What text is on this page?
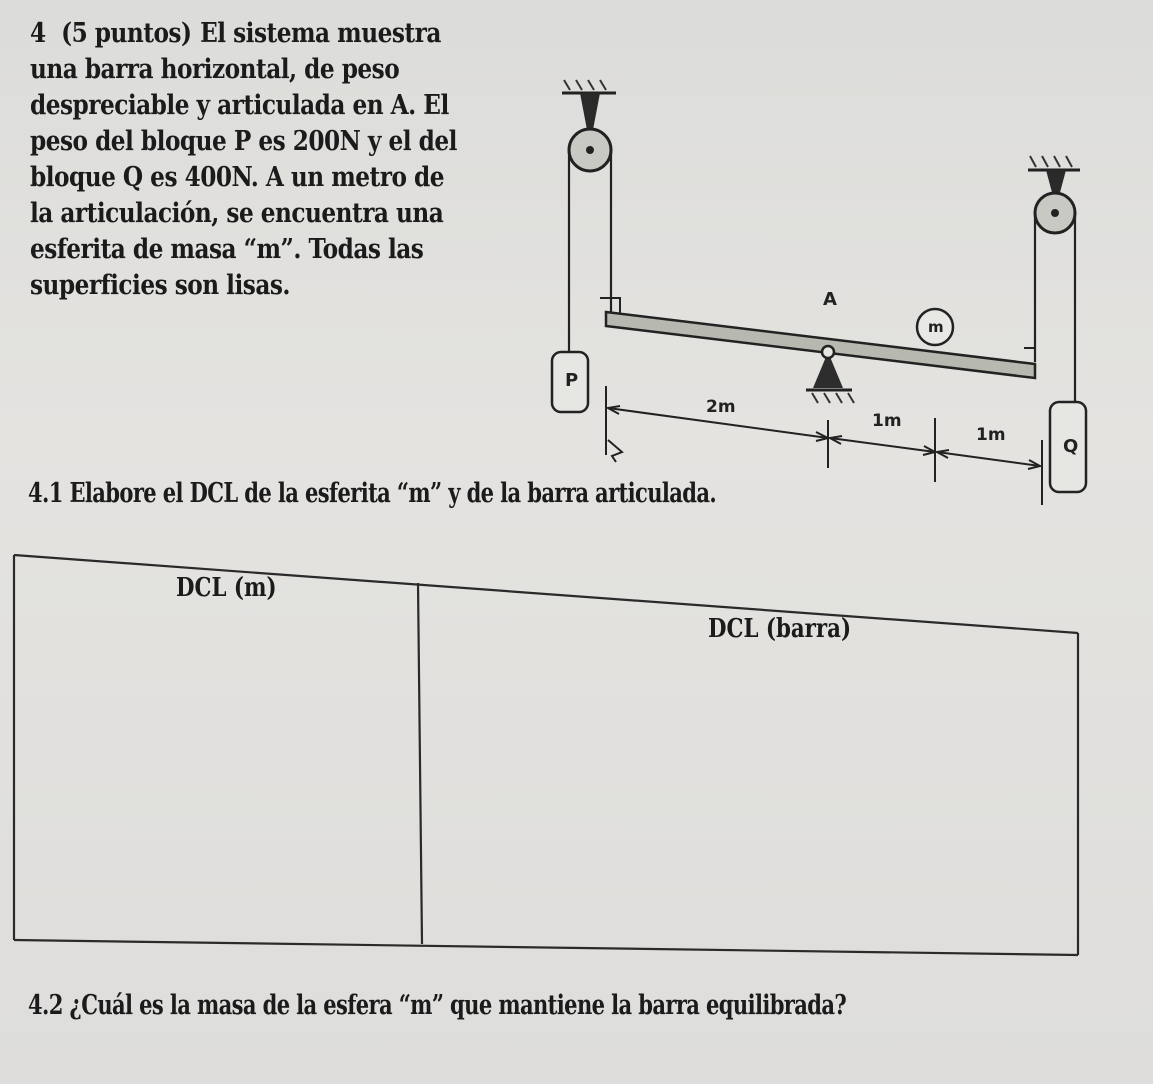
4 (5 puntos) El sistema muestra una barra horizontal, de peso despreciable y articulada en A. El peso del bloque P es 200N y el del bloque Q es 400N. A un metro de la articulación, se encuentra una esferita de masa “m”. Todas las superficies son lisas.
P
Q
A
m
2m
1m
1m
4.1 Elabore el DCL de la esferita “m” y de la barra articulada.
DCL (m)
DCL (barra)
4.2 ¿Cuál es la masa de la esfera “m” que mantiene la barra equilibrada?
